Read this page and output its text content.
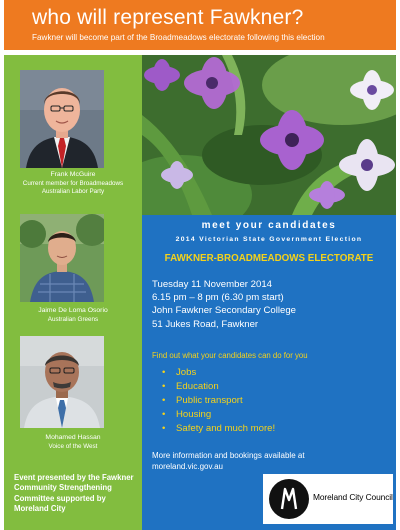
who will represent Fawkner?
Fawkner will become part of the Broadmeadows electorate following this election
Frank McGuire
Current member for Broadmeadows
Australian Labor Party
Jaime De Loma Osorio
Australian Greens
Mohamed Hassan
Voice of the West
Event presented by the Fawkner Community Strengthening Committee supported by Moreland City
meet your candidates
2014 Victorian State Government Election
FAWKNER-BROADMEADOWS ELECTORATE
Tuesday 11 November 2014
6.15 pm – 8 pm (6.30 pm start)
John Fawkner Secondary College
51 Jukes Road, Fawkner
Find out what your candidates can do for you
• Jobs
• Education
• Public transport
• Housing
• Safety and much more!
More information and bookings available at
moreland.vic.gov.au
Moreland City Council
